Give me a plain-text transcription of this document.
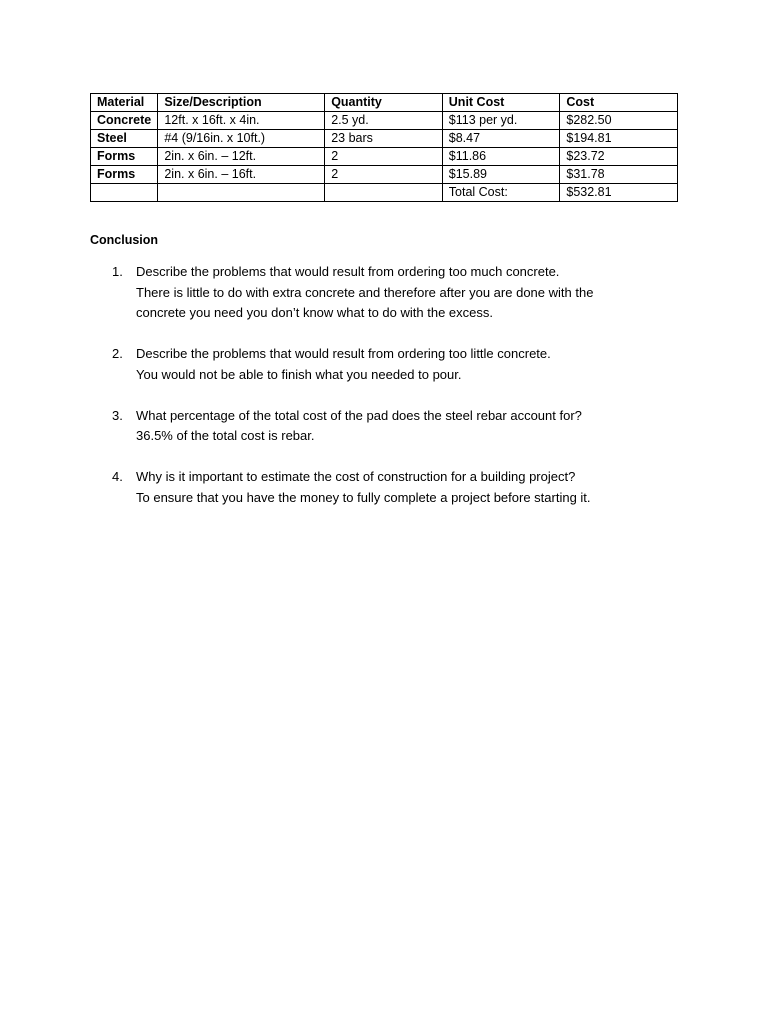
Material	Size/Description	Quantity	Unit Cost	Cost
Concrete	12ft. x 16ft. x 4in.	2.5 yd.	$113 per yd.	$282.50
Steel	#4 (9/16in. x 10ft.)	23 bars	$8.47	$194.81
Forms	2in. x 6in. – 12ft.	2	$11.86	$23.72
Forms	2in. x 6in. – 16ft.	2	$15.89	$31.78
			Total Cost:	$532.81

Conclusion

1. Describe the problems that would result from ordering too much concrete.
There is little to do with extra concrete and therefore after you are done with the
concrete you need you don’t know what to do with the excess.
2. Describe the problems that would result from ordering too little concrete.
You would not be able to finish what you needed to pour.
3. What percentage of the total cost of the pad does the steel rebar account for?
36.5% of the total cost is rebar.
4. Why is it important to estimate the cost of construction for a building project?
To ensure that you have the money to fully complete a project before starting it.
